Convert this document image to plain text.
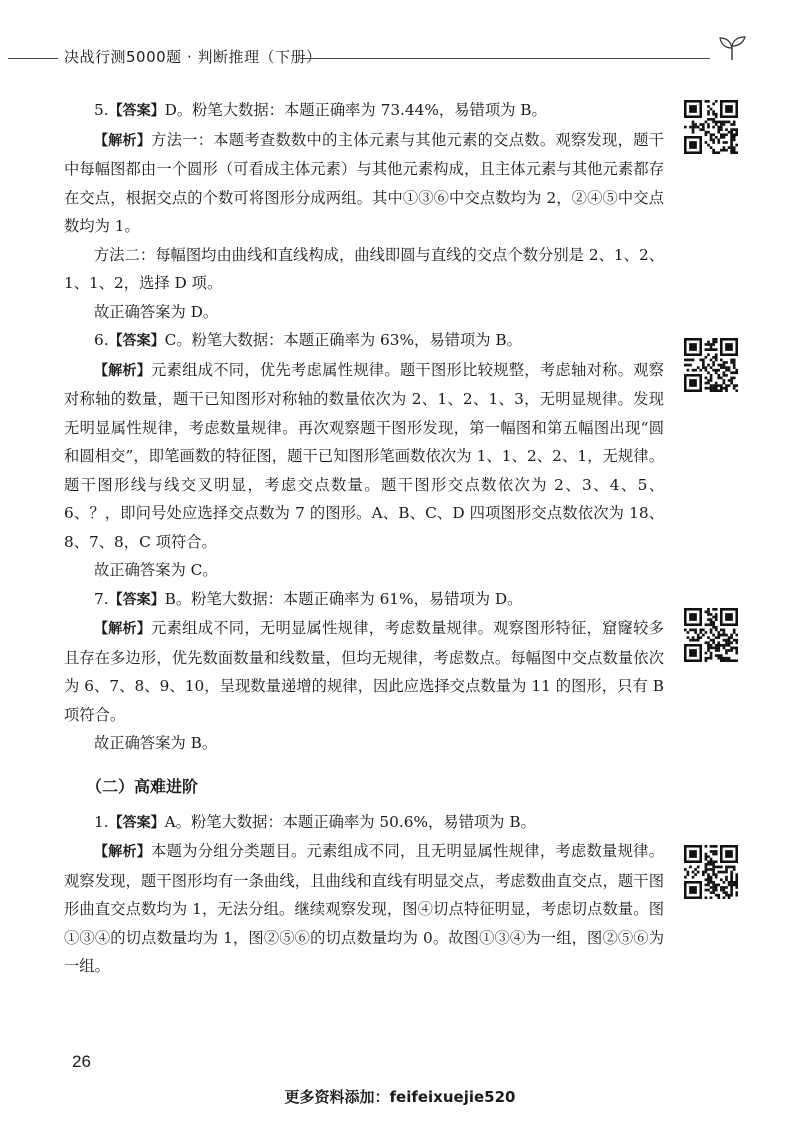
决战行测5000题 · 判断推理（下册）

5.【答案】D。粉笔大数据：本题正确率为 73.44%，易错项为 B。

【解析】方法一：本题考查数数中的主体元素与其他元素的交点数。观察发现，题干中每幅图都由一个圆形（可看成主体元素）与其他元素构成，且主体元素与其他元素都存在交点，根据交点的个数可将图形分成两组。其中①③⑥中交点数均为 2，②④⑤中交点数均为 1。

方法二：每幅图均由曲线和直线构成，曲线即圆与直线的交点个数分别是 2、1、2、1、1、2，选择 D 项。

故正确答案为 D。

6.【答案】C。粉笔大数据：本题正确率为 63%，易错项为 B。

【解析】元素组成不同，优先考虑属性规律。题干图形比较规整，考虑轴对称。观察对称轴的数量，题干已知图形对称轴的数量依次为 2、1、2、1、3，无明显规律。发现无明显属性规律，考虑数量规律。再次观察题干图形发现，第一幅图和第五幅图出现“圆和圆相交”，即笔画数的特征图，题干已知图形笔画数依次为 1、1、2、2、1，无规律。题干图形线与线交叉明显，考虑交点数量。题干图形交点数依次为 2、3、4、5、6、？，即问号处应选择交点数为 7 的图形。A、B、C、D 四项图形交点数依次为 18、8、7、8，C 项符合。

故正确答案为 C。

7.【答案】B。粉笔大数据：本题正确率为 61%，易错项为 D。

【解析】元素组成不同，无明显属性规律，考虑数量规律。观察图形特征，窟窿较多且存在多边形，优先数面数量和线数量，但均无规律，考虑数点。每幅图中交点数量依次为 6、7、8、9、10，呈现数量递增的规律，因此应选择交点数量为 11 的图形，只有 B 项符合。

故正确答案为 B。

（二）高难进阶

1.【答案】A。粉笔大数据：本题正确率为 50.6%，易错项为 B。

【解析】本题为分组分类题目。元素组成不同，且无明显属性规律，考虑数量规律。观察发现，题干图形均有一条曲线，且曲线和直线有明显交点，考虑数曲直交点，题干图形曲直交点数均为 1，无法分组。继续观察发现，图④切点特征明显，考虑切点数量。图①③④的切点数量均为 1，图②⑤⑥的切点数量均为 0。故图①③④为一组，图②⑤⑥为一组。

26
更多资料添加：feifeixuejie520
